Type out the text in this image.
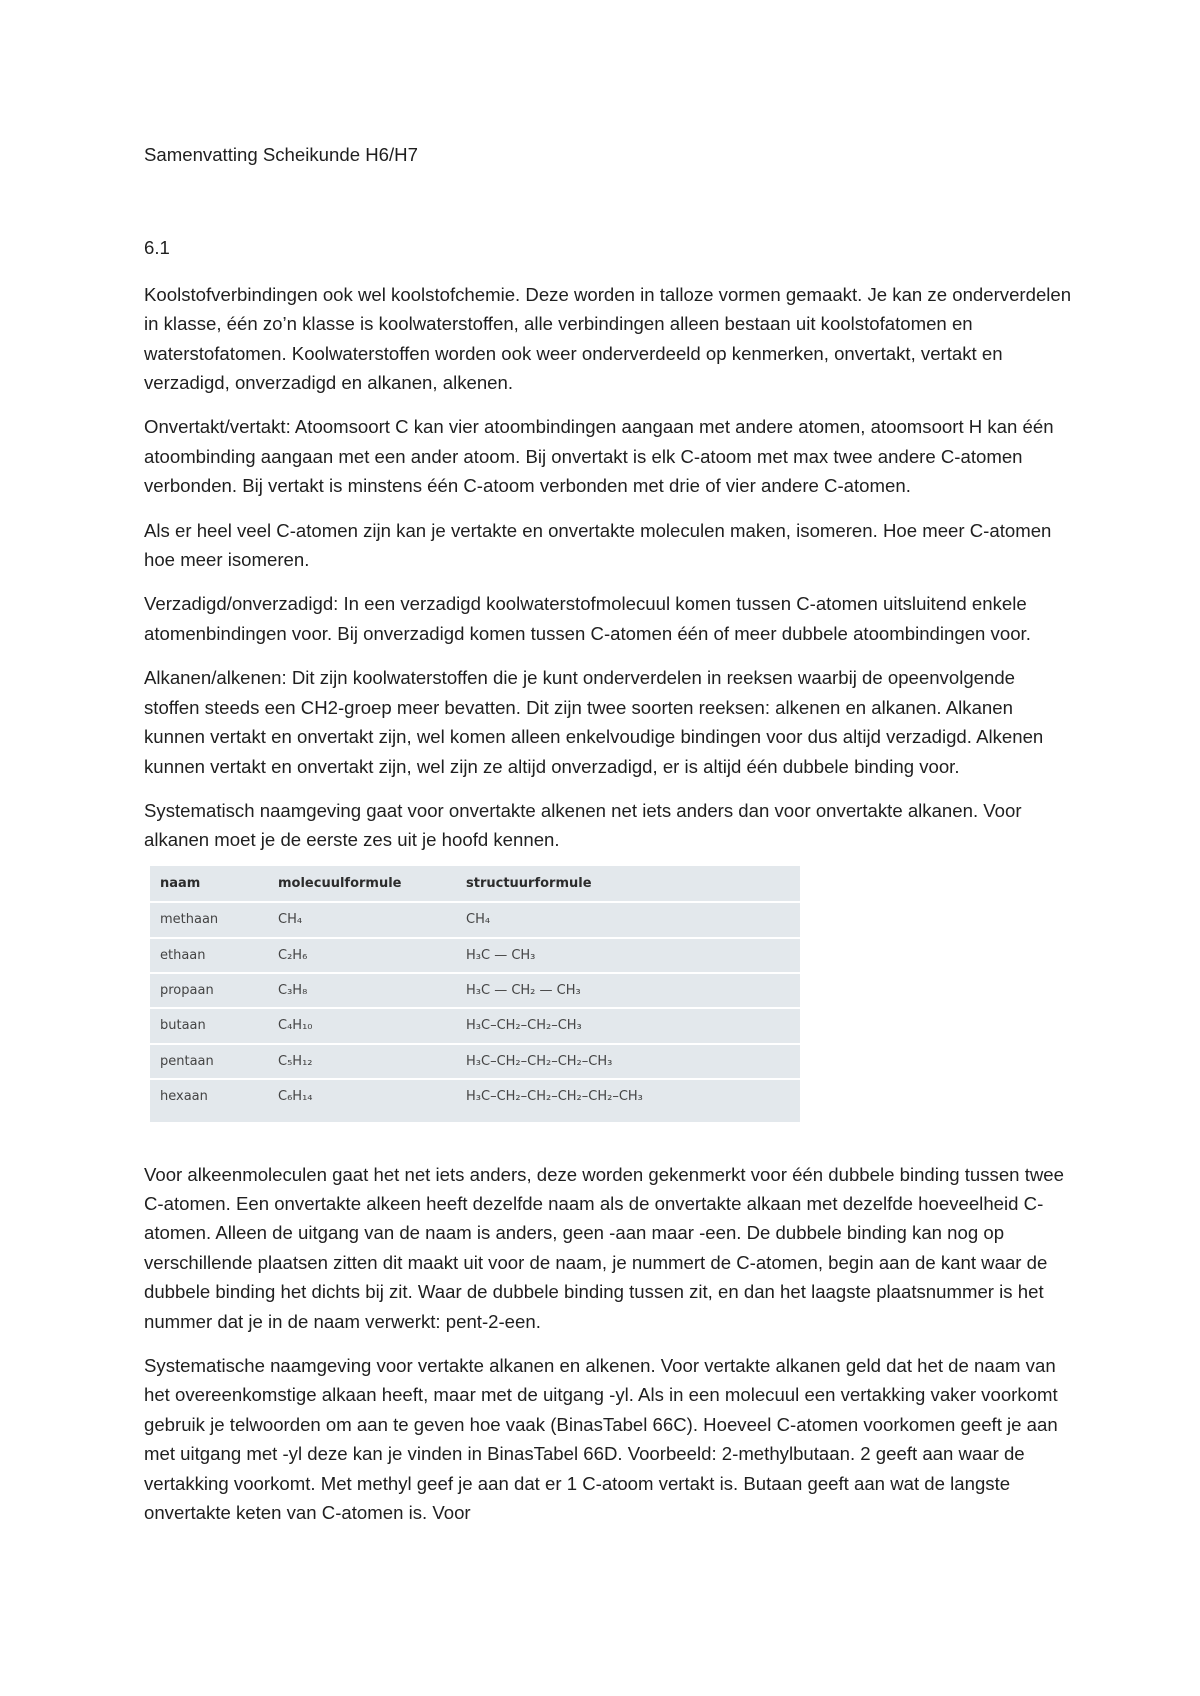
Samenvatting Scheikunde H6/H7
6.1

Koolstofverbindingen ook wel koolstofchemie. Deze worden in talloze vormen gemaakt. Je kan ze onderverdelen in klasse, één zo’n klasse is koolwaterstoffen, alle verbindingen alleen bestaan uit koolstofatomen en waterstofatomen. Koolwaterstoffen worden ook weer onderverdeeld op kenmerken, onvertakt, vertakt en verzadigd, onverzadigd en alkanen, alkenen.

Onvertakt/vertakt: Atoomsoort C kan vier atoombindingen aangaan met andere atomen, atoomsoort H kan één atoombinding aangaan met een ander atoom. Bij onvertakt is elk C-atoom met max twee andere C-atomen verbonden. Bij vertakt is minstens één C-atoom verbonden met drie of vier andere C-atomen.

Als er heel veel C-atomen zijn kan je vertakte en onvertakte moleculen maken, isomeren. Hoe meer C-atomen hoe meer isomeren.

Verzadigd/onverzadigd: In een verzadigd koolwaterstofmolecuul komen tussen C-atomen uitsluitend enkele atomenbindingen voor. Bij onverzadigd komen tussen C-atomen één of meer dubbele atoombindingen voor.

Alkanen/alkenen: Dit zijn koolwaterstoffen die je kunt onderverdelen in reeksen waarbij de opeenvolgende stoffen steeds een CH2-groep meer bevatten. Dit zijn twee soorten reeksen: alkenen en alkanen. Alkanen kunnen vertakt en onvertakt zijn, wel komen alleen enkelvoudige bindingen voor dus altijd verzadigd. Alkenen kunnen vertakt en onvertakt zijn, wel zijn ze altijd onverzadigd, er is altijd één dubbele binding voor.

Systematisch naamgeving gaat voor onvertakte alkenen net iets anders dan voor onvertakte alkanen. Voor alkanen moet je de eerste zes uit je hoofd kennen.

naam	molecuulformule	structuurformule
methaan	CH₄	CH₄
ethaan	C₂H₆	H₃C — CH₃
propaan	C₃H₈	H₃C — CH₂ — CH₃
butaan	C₄H₁₀	H₃C–CH₂–CH₂–CH₃
pentaan	C₅H₁₂	H₃C–CH₂–CH₂–CH₂–CH₃
hexaan	C₆H₁₄	H₃C–CH₂–CH₂–CH₂–CH₂–CH₃

Voor alkeenmoleculen gaat het net iets anders, deze worden gekenmerkt voor één dubbele binding tussen twee C-atomen. Een onvertakte alkeen heeft dezelfde naam als de onvertakte alkaan met dezelfde hoeveelheid C-atomen. Alleen de uitgang van de naam is anders, geen -aan maar -een. De dubbele binding kan nog op verschillende plaatsen zitten dit maakt uit voor de naam, je nummert de C-atomen, begin aan de kant waar de dubbele binding het dichts bij zit. Waar de dubbele binding tussen zit, en dan het laagste plaatsnummer is het nummer dat je in de naam verwerkt: pent-2-een.

Systematische naamgeving voor vertakte alkanen en alkenen. Voor vertakte alkanen geld dat het de naam van het overeenkomstige alkaan heeft, maar met de uitgang -yl. Als in een molecuul een vertakking vaker voorkomt gebruik je telwoorden om aan te geven hoe vaak (BinasTabel 66C). Hoeveel C-atomen voorkomen geeft je aan met uitgang met -yl deze kan je vinden in BinasTabel 66D. Voorbeeld: 2-methylbutaan. 2 geeft aan waar de vertakking voorkomt. Met methyl geef je aan dat er 1 C-atoom vertakt is. Butaan geeft aan wat de langste onvertakte keten van C-atomen is. Voor
